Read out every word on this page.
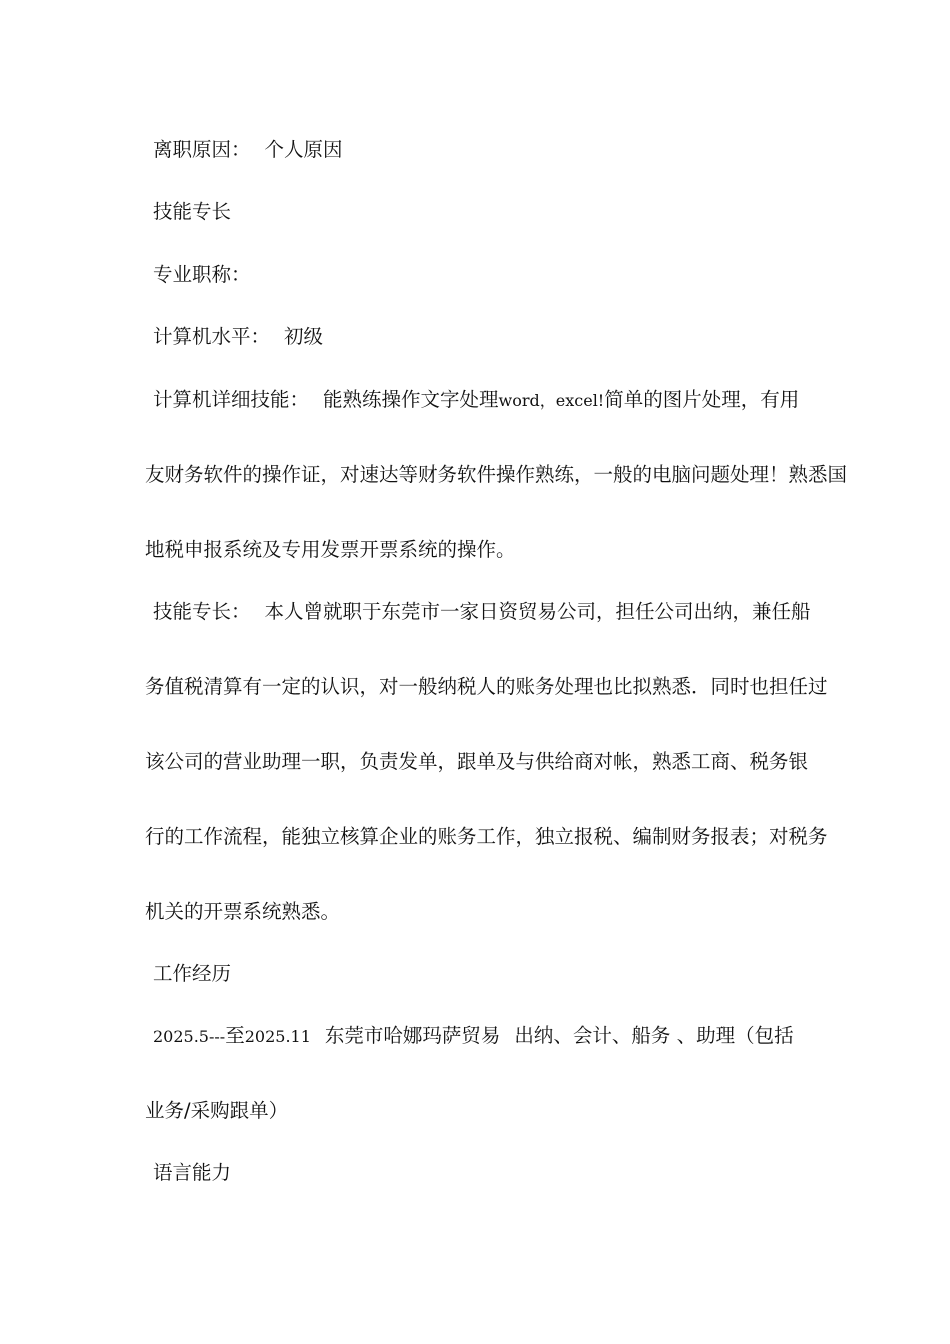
离职原因： 个人原因
技能专长
专业职称：
计算机水平： 初级
计算机详细技能： 能熟练操作文字处理word，excel!简单的图片处理，有用
友财务软件的操作证，对速达等财务软件操作熟练，一般的电脑问题处理！熟悉国
地税申报系统及专用发票开票系统的操作。
技能专长： 本人曾就职于东莞市一家日资贸易公司，担任公司出纳，兼任船
务值税清算有一定的认识，对一般纳税人的账务处理也比拟熟悉．同时也担任过
该公司的营业助理一职，负责发单，跟单及与供给商对帐，熟悉工商、税务银
行的工作流程，能独立核算企业的账务工作，独立报税、编制财务报表；对税务
机关的开票系统熟悉。
工作经历
2025.5---至2025.11 东莞市哈娜玛萨贸易 出纳、会计、船务 、助理（包括
业务/采购跟单）
语言能力
